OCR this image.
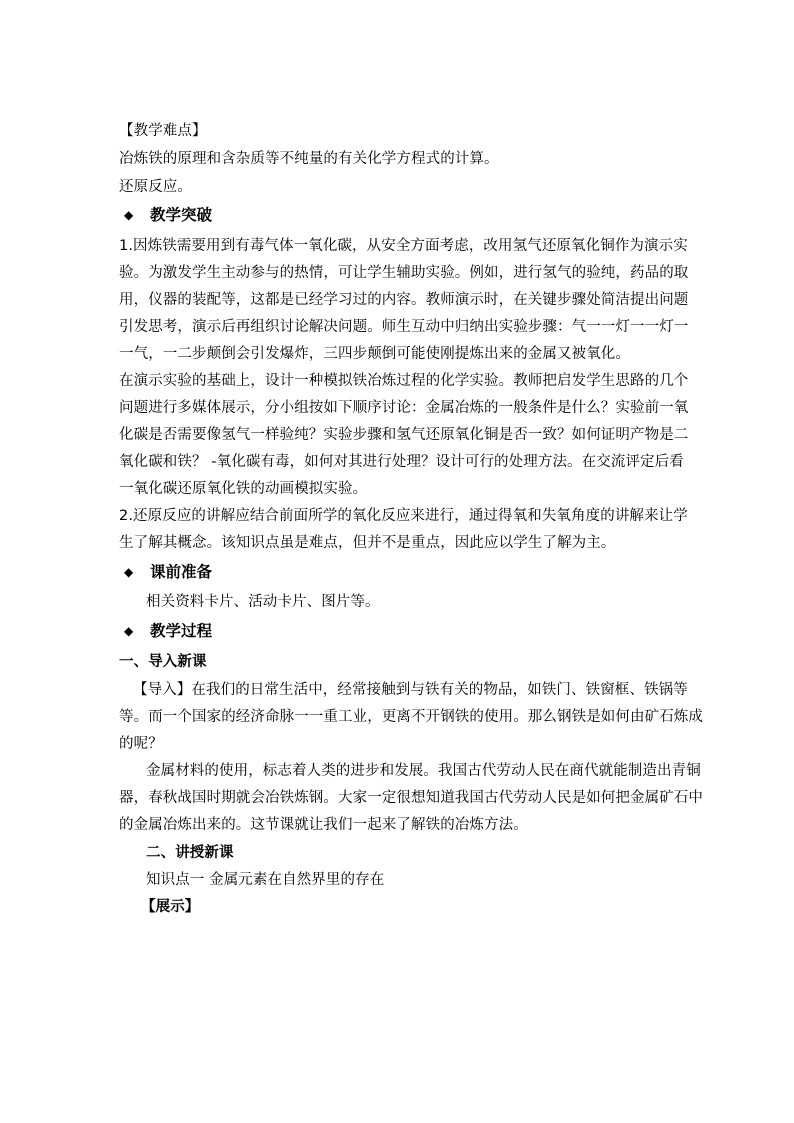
【教学难点】
冶炼铁的原理和含杂质等不纯量的有关化学方程式的计算。
还原反应。
◆ 教学突破
1.因炼铁需要用到有毒气体一氧化碳，从安全方面考虑，改用氢气还原氧化铜作为演示实
验。为激发学生主动参与的热情，可让学生辅助实验。例如，进行氢气的验纯，药品的取
用，仪器的装配等，这都是已经学习过的内容。教师演示时，在关键步骤处简洁提出问题
引发思考，演示后再组织讨论解决问题。师生互动中归纳出实验步骤：气一一灯一一灯一
一气，一二步颠倒会引发爆炸，三四步颠倒可能使刚提炼出来的金属又被氧化。
在演示实验的基础上，设计一种模拟铁冶炼过程的化学实验。教师把启发学生思路的几个
问题进行多媒体展示，分小组按如下顺序讨论：金属冶炼的一般条件是什么？实验前一氧
化碳是否需要像氢气一样验纯？实验步骤和氢气还原氧化铜是否一致？如何证明产物是二
氧化碳和铁？ -氧化碳有毒，如何对其进行处理？设计可行的处理方法。在交流评定后看
一氧化碳还原氧化铁的动画模拟实验。
2.还原反应的讲解应结合前面所学的氧化反应来进行，通过得氧和失氧角度的讲解来让学
生了解其概念。该知识点虽是难点，但并不是重点，因此应以学生了解为主。
◆ 课前准备
相关资料卡片、活动卡片、图片等。
◆ 教学过程
一、导入新课
【导入】在我们的日常生活中，经常接触到与铁有关的物品，如铁门、铁窗框、铁锅等
等。而一个国家的经济命脉一一重工业，更离不开钢铁的使用。那么钢铁是如何由矿石炼成
的呢？
金属材料的使用，标志着人类的进步和发展。我国古代劳动人民在商代就能制造出青铜
器，春秋战国时期就会冶铁炼钢。大家一定很想知道我国古代劳动人民是如何把金属矿石中
的金属冶炼出来的。这节课就让我们一起来了解铁的冶炼方法。
二、讲授新课
知识点一 金属元素在自然界里的存在
【展示】
